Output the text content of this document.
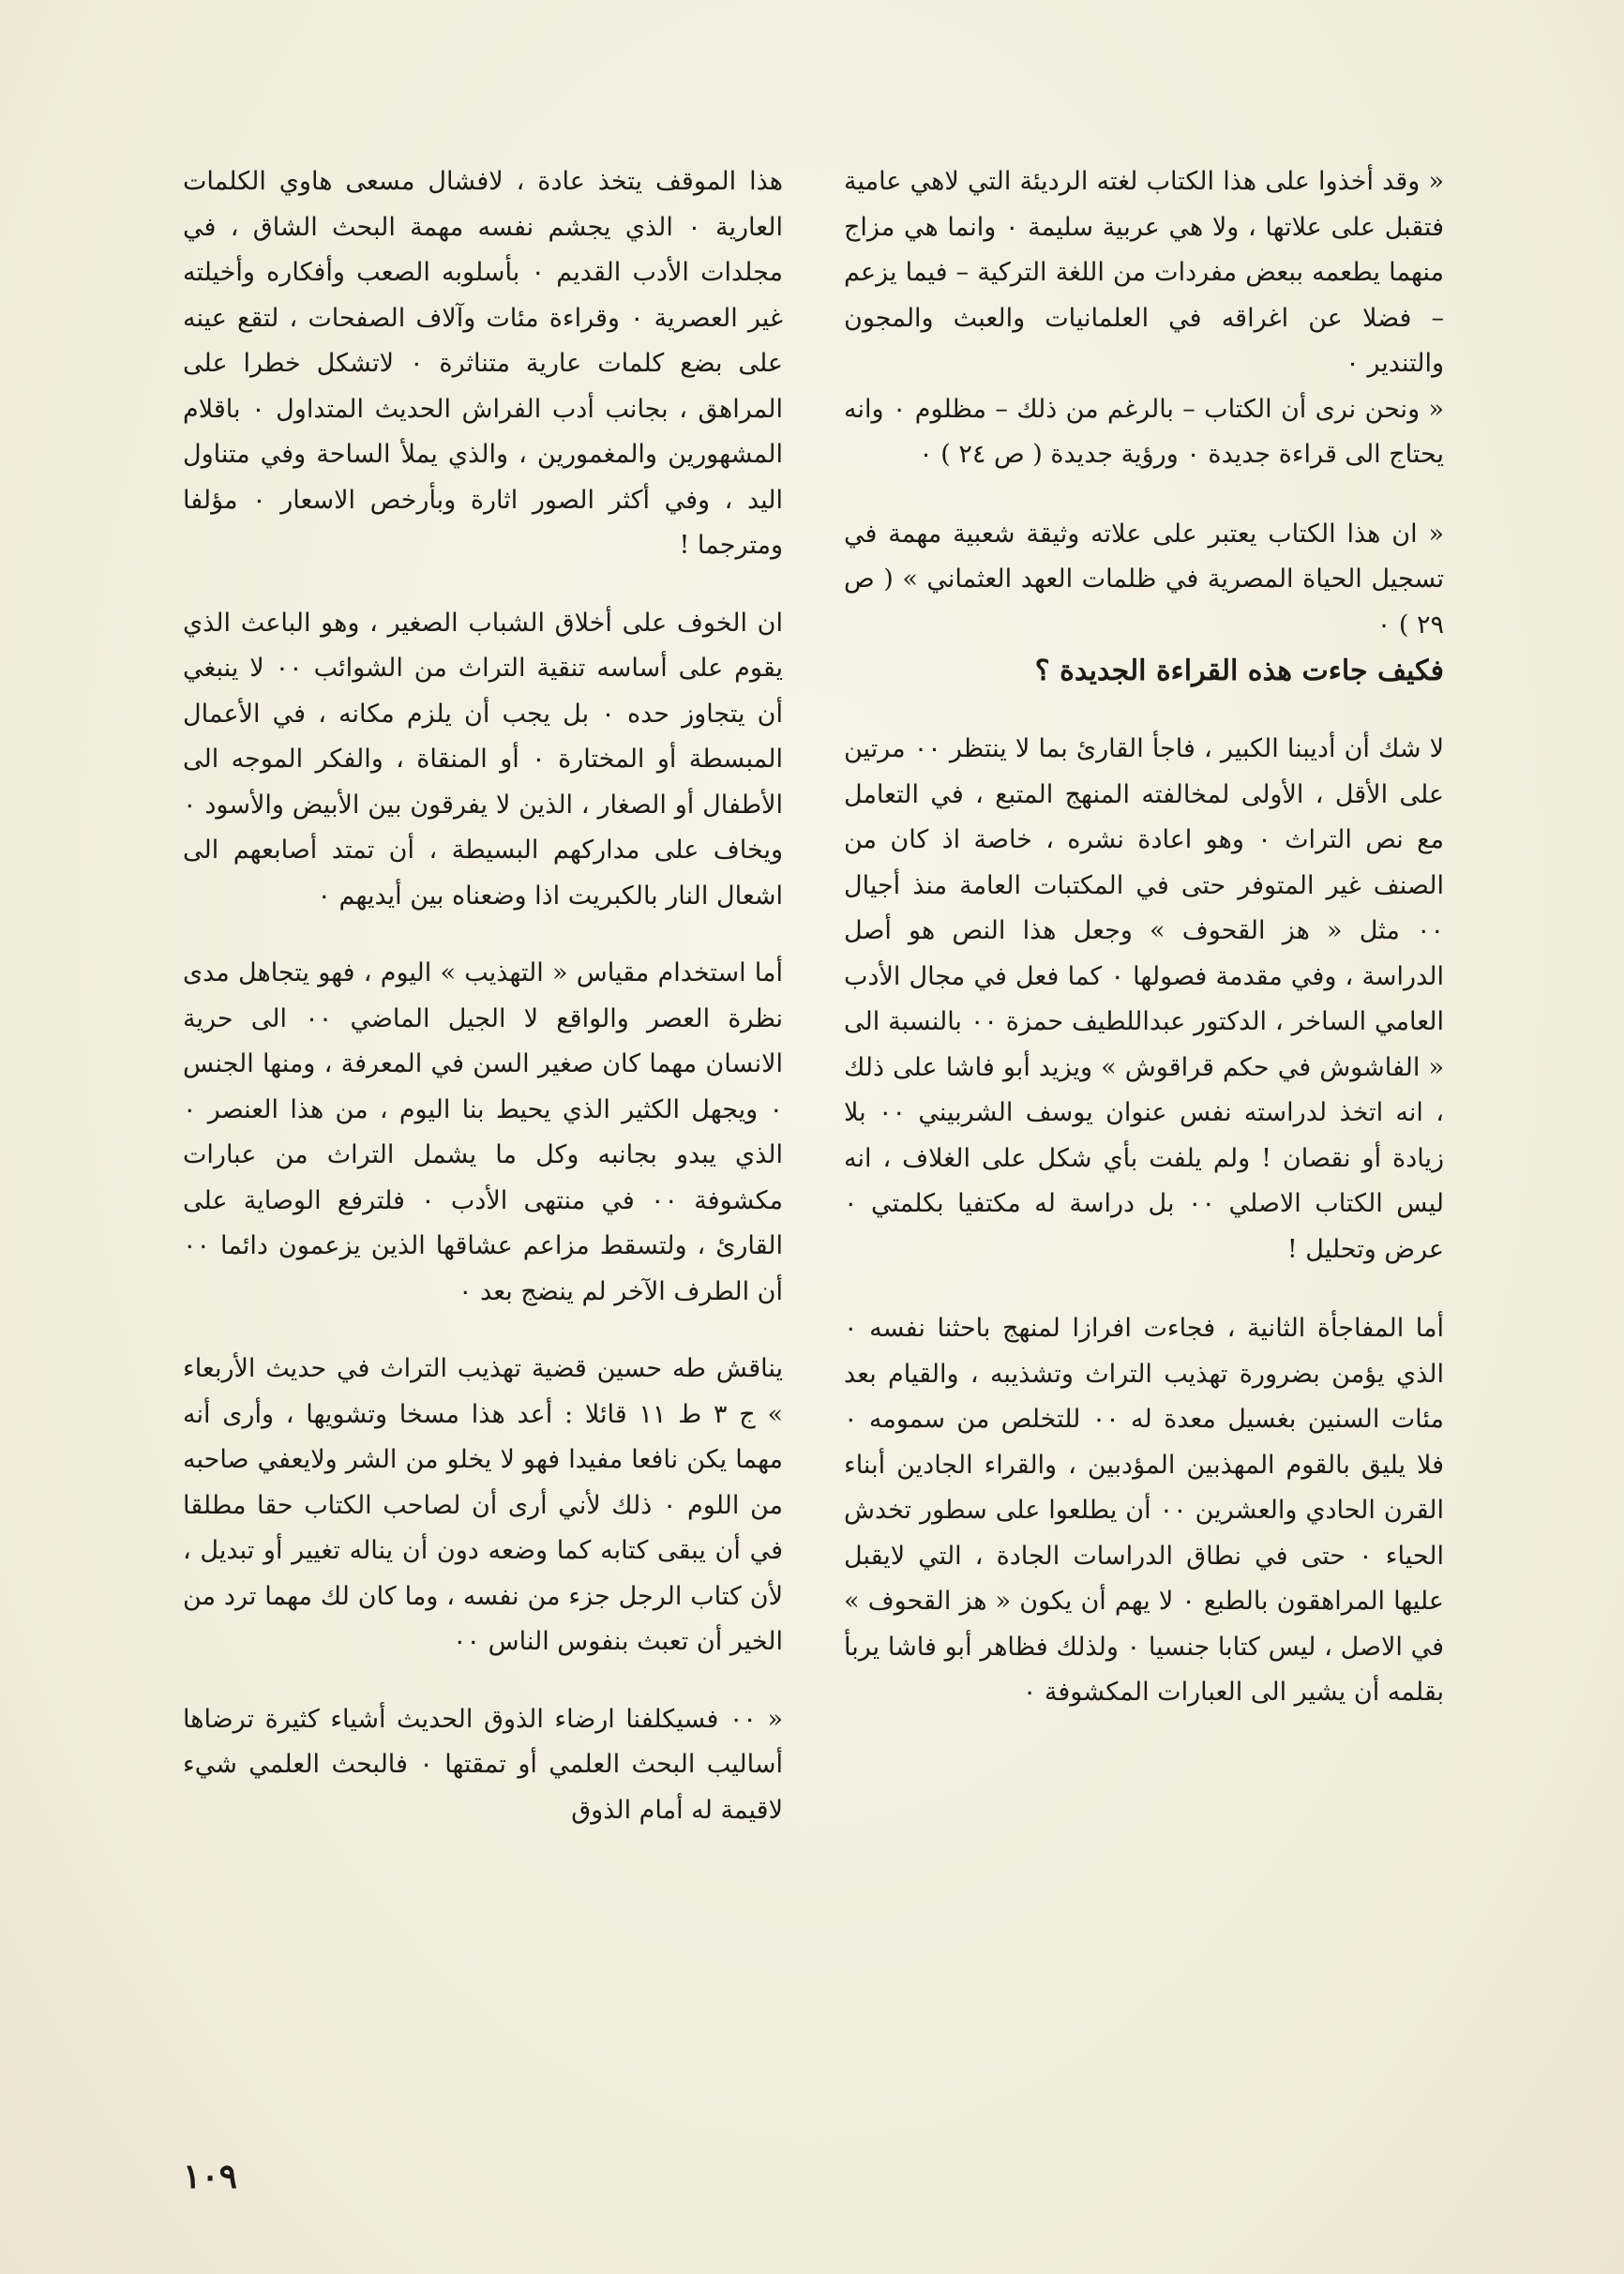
« وقد أخذوا على هذا الكتاب لغته الرديئة التي لاهي عامية فتقبل على علاتها ، ولا هي عربية سليمة ٠ وانما هي مزاج منهما يطعمه ببعض مفردات من اللغة التركية – فيما يزعم – فضلا عن اغراقه في العلمانيات والعبث والمجون والتندير ٠

« ونحن نرى أن الكتاب – بالرغم من ذلك – مظلوم ٠ وانه يحتاج الى قراءة جديدة ٠ ورؤية جديدة ( ص ٢٤ ) ٠

« ان هذا الكتاب يعتبر على علاته وثيقة شعبية مهمة في تسجيل الحياة المصرية في ظلمات العهد العثماني » ( ص ٢٩ ) ٠

فكيف جاءت هذه القراءة الجديدة ؟

لا شك أن أديبنا الكبير ، فاجأ القارئ بما لا ينتظر ٠٠ مرتين على الأقل ، الأولى لمخالفته المنهج المتبع ، في التعامل مع نص التراث ٠ وهو اعادة نشره ، خاصة اذ كان من الصنف غير المتوفر حتى في المكتبات العامة منذ أجيال ٠٠ مثل « هز القحوف » وجعل هذا النص هو أصل الدراسة ، وفي مقدمة فصولها ٠ كما فعل في مجال الأدب العامي الساخر ، الدكتور عبداللطيف حمزة ٠٠ بالنسبة الى « الفاشوش في حكم قراقوش » ويزيد أبو فاشا على ذلك ، انه اتخذ لدراسته نفس عنوان يوسف الشربيني ٠٠ بلا زيادة أو نقصان ! ولم يلفت بأي شكل على الغلاف ، انه ليس الكتاب الاصلي ٠٠ بل دراسة له مكتفيا بكلمتي ٠ عرض وتحليل !

أما المفاجأة الثانية ، فجاءت افرازا لمنهج باحثنا نفسه ٠ الذي يؤمن بضرورة تهذيب التراث وتشذيبه ، والقيام بعد مئات السنين بغسيل معدة له ٠٠ للتخلص من سمومه ٠ فلا يليق بالقوم المهذبين المؤدبين ، والقراء الجادين أبناء القرن الحادي والعشرين ٠٠ أن يطلعوا على سطور تخدش الحياء ٠ حتى في نطاق الدراسات الجادة ، التي لايقبل عليها المراهقون بالطبع ٠ لا يهم أن يكون « هز القحوف » في الاصل ، ليس كتابا جنسيا ٠ ولذلك فظاهر أبو فاشا يربأ بقلمه أن يشير الى العبارات المكشوفة ٠

هذا الموقف يتخذ عادة ، لافشال مسعى هاوي الكلمات العارية ٠ الذي يجشم نفسه مهمة البحث الشاق ، في مجلدات الأدب القديم ٠ بأسلوبه الصعب وأفكاره وأخيلته غير العصرية ٠ وقراءة مئات وآلاف الصفحات ، لتقع عينه على بضع كلمات عارية متناثرة ٠ لاتشكل خطرا على المراهق ، بجانب أدب الفراش الحديث المتداول ٠ باقلام المشهورين والمغمورين ، والذي يملأ الساحة وفي متناول اليد ، وفي أكثر الصور اثارة وبأرخص الاسعار ٠ مؤلفا ومترجما !

ان الخوف على أخلاق الشباب الصغير ، وهو الباعث الذي يقوم على أساسه تنقية التراث من الشوائب ٠٠ لا ينبغي أن يتجاوز حده ٠ بل يجب أن يلزم مكانه ، في الأعمال المبسطة أو المختارة ٠ أو المنقاة ، والفكر الموجه الى الأطفال أو الصغار ، الذين لا يفرقون بين الأبيض والأسود ٠ ويخاف على مداركهم البسيطة ، أن تمتد أصابعهم الى اشعال النار بالكبريت اذا وضعناه بين أيديهم ٠

أما استخدام مقياس « التهذيب » اليوم ، فهو يتجاهل مدى نظرة العصر والواقع لا الجيل الماضي ٠٠ الى حرية الانسان مهما كان صغير السن في المعرفة ، ومنها الجنس ٠ ويجهل الكثير الذي يحيط بنا اليوم ، من هذا العنصر ٠ الذي يبدو بجانبه وكل ما يشمل التراث من عبارات مكشوفة ٠٠ في منتهى الأدب ٠ فلترفع الوصاية على القارئ ، ولتسقط مزاعم عشاقها الذين يزعمون دائما ٠٠ أن الطرف الآخر لم ينضج بعد ٠

يناقش طه حسين قضية تهذيب التراث في حديث الأربعاء » ج ٣ ط ١١ قائلا : أعد هذا مسخا وتشويها ، وأرى أنه مهما يكن نافعا مفيدا فهو لا يخلو من الشر ولايعفي صاحبه من اللوم ٠ ذلك لأني أرى أن لصاحب الكتاب حقا مطلقا في أن يبقى كتابه كما وضعه دون أن يناله تغيير أو تبديل ، لأن كتاب الرجل جزء من نفسه ، وما كان لك مهما ترد من الخير أن تعبث بنفوس الناس ٠٠

« ٠٠ فسيكلفنا ارضاء الذوق الحديث أشياء كثيرة ترضاها أساليب البحث العلمي أو تمقتها ٠ فالبحث العلمي شيء لاقيمة له أمام الذوق

١٠٩
